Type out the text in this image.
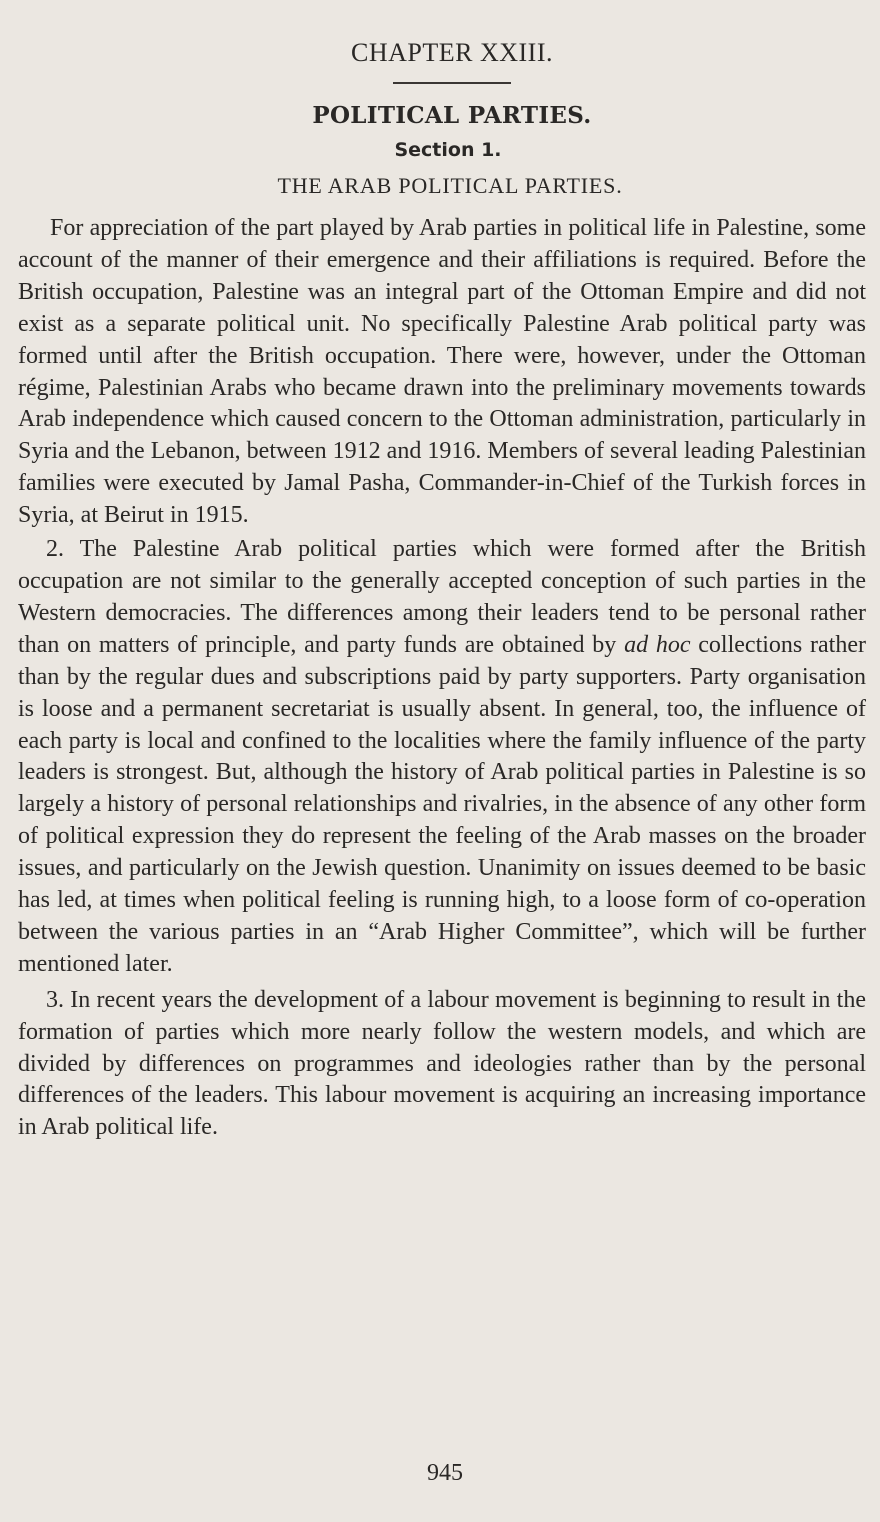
CHAPTER XXIII.
POLITICAL PARTIES.
Section 1.
THE ARAB POLITICAL PARTIES.

For appreciation of the part played by Arab parties in political life in Palestine, some account of the manner of their emergence and their affiliations is required. Before the British occupation, Palestine was an integral part of the Ottoman Empire and did not exist as a separate political unit. No specifically Palestine Arab political party was formed until after the British occupation. There were, however, under the Ottoman régime, Palestinian Arabs who became drawn into the preliminary movements towards Arab independence which caused concern to the Ottoman administration, particularly in Syria and the Lebanon, between 1912 and 1916. Members of several leading Palestinian families were executed by Jamal Pasha, Commander-in-Chief of the Turkish forces in Syria, at Beirut in 1915.

2. The Palestine Arab political parties which were formed after the British occupation are not similar to the generally accepted conception of such parties in the Western democracies. The differences among their leaders tend to be personal rather than on matters of principle, and party funds are obtained by ad hoc collections rather than by the regular dues and subscriptions paid by party supporters. Party organisation is loose and a permanent secretariat is usually absent. In general, too, the influence of each party is local and confined to the localities where the family influence of the party leaders is strongest. But, although the history of Arab political parties in Palestine is so largely a history of personal relationships and rivalries, in the absence of any other form of political expression they do represent the feeling of the Arab masses on the broader issues, and particularly on the Jewish question. Unanimity on issues deemed to be basic has led, at times when political feeling is running high, to a loose form of co-operation between the various parties in an “Arab Higher Committee”, which will be further mentioned later.

3. In recent years the development of a labour movement is beginning to result in the formation of parties which more nearly follow the western models, and which are divided by differences on programmes and ideologies rather than by the personal differences of the leaders. This labour movement is acquiring an increasing importance in Arab political life.

945
